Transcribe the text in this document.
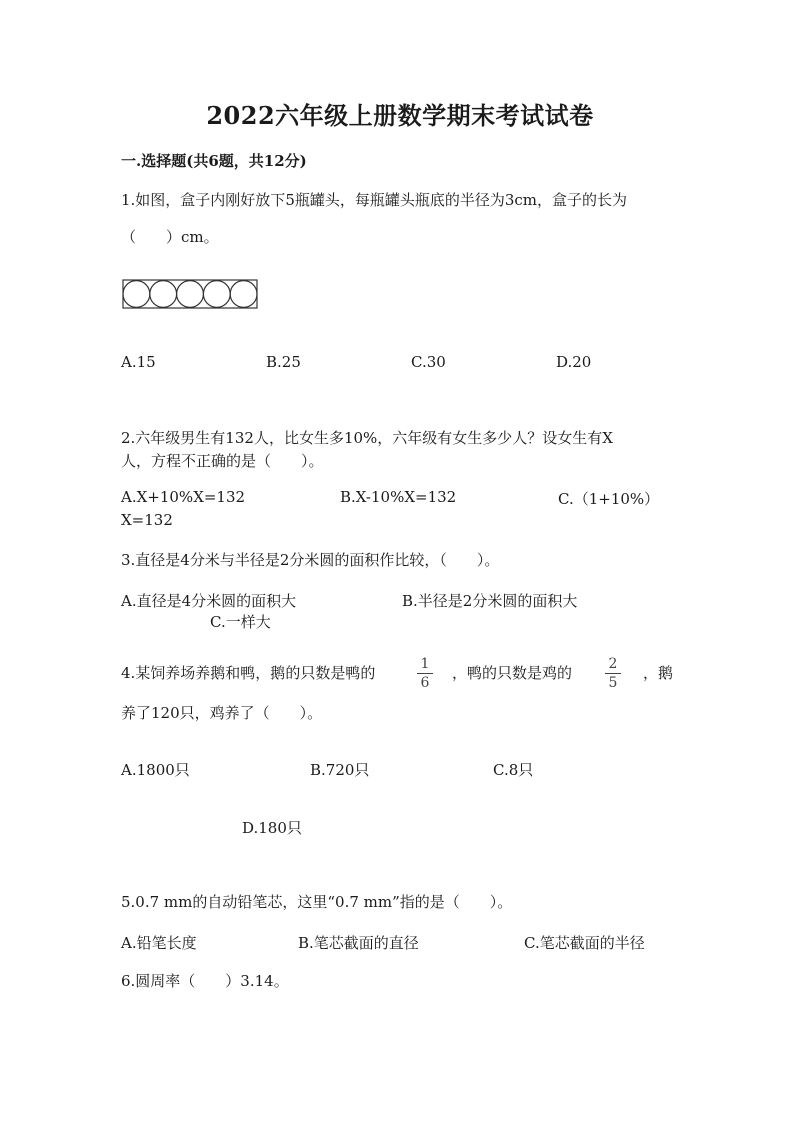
2022六年级上册数学期末考试试卷
一.选择题(共6题，共12分)
1.如图，盒子内刚好放下5瓶罐头，每瓶罐头瓶底的半径为3cm，盒子的长为
（　　）cm。
A.15	B.25	C.30	D.20
2.六年级男生有132人，比女生多10%，六年级有女生多少人？设女生有X
人，方程不正确的是（　　）。
A.X+10%X=132	B.X-10%X=132	C.（1+10%）
X=132
3.直径是4分米与半径是2分米圆的面积作比较，（　　）。
A.直径是4分米圆的面积大	B.半径是2分米圆的面积大
C.一样大
4.某饲养场养鹅和鸭，鹅的只数是鸭的	1
6
，鸭的只数是鸡的	2
5
，鹅
养了120只，鸡养了（　　）。
A.1800只	B.720只	C.8只
D.180只
5.0.7 mm的自动铅笔芯，这里“0.7 mm”指的是（　　）。
A.铅笔长度	B.笔芯截面的直径	C.笔芯截面的半径
6.圆周率（　　）3.14。
